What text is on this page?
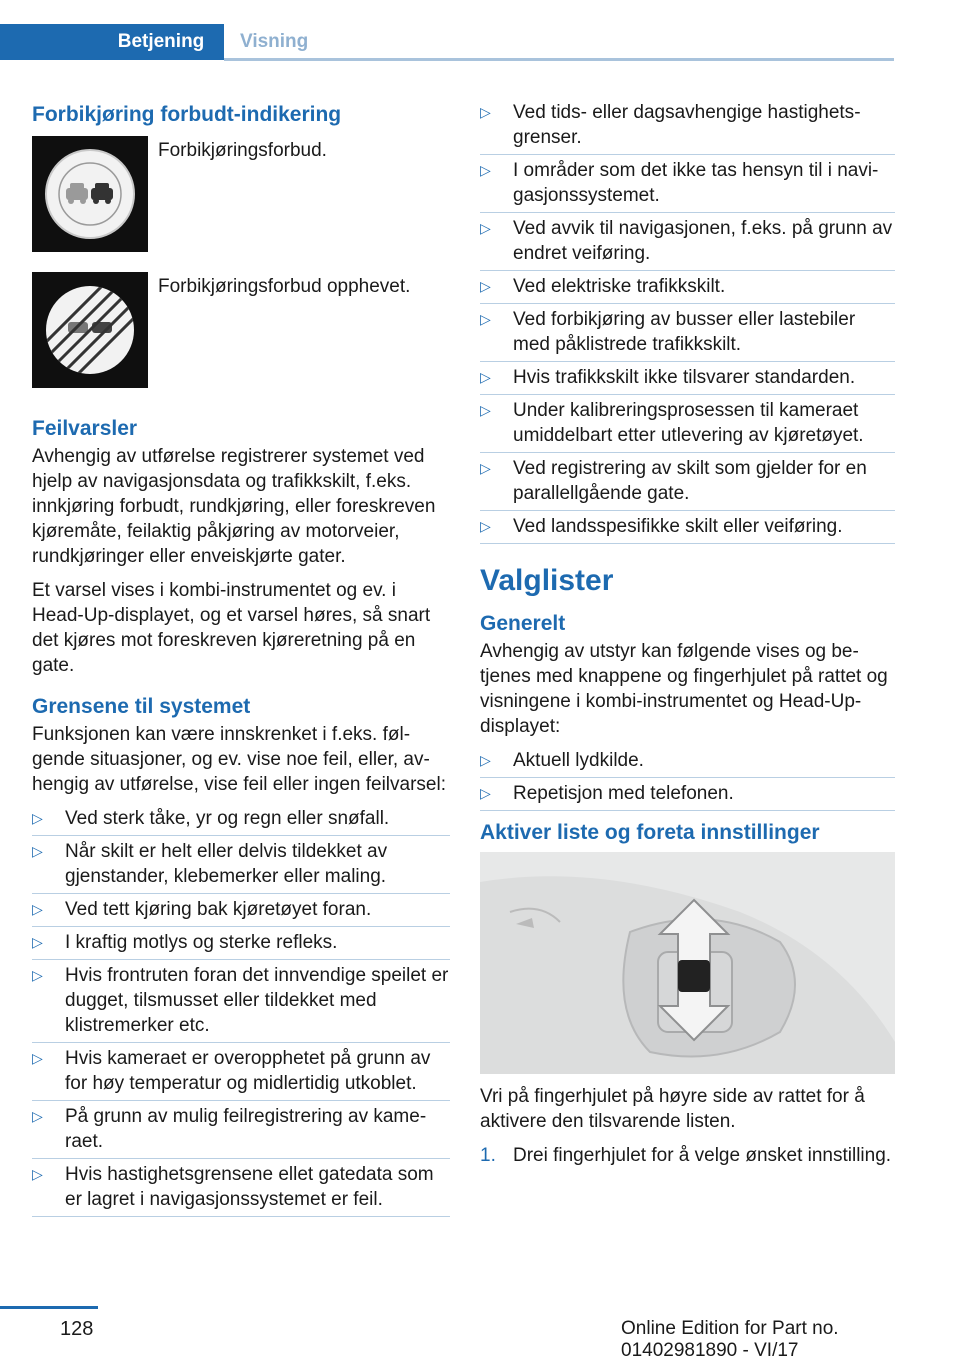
Betjening	Visning
Forbikjøring forbudt-indikering
Forbikjøringsforbud.
Forbikjøringsforbud opphevet.
Feilvarsler

Avhengig av utførelse registrerer systemet ved hjelp av navigasjonsdata og trafikkskilt, f.eks. innkjøring forbudt, rundkjøring, eller foreskreven kjøremåte, feilaktig påkjøring av motorveier, rundkjøringer eller enveiskjørte gater.

Et varsel vises i kombi-instrumentet og ev. i Head-Up-displayet, og et varsel høres, så snart det kjøres mot foreskreven kjøreretning på en gate.

Grensene til systemet

Funksjonen kan være innskrenket i f.eks. følgende situasjoner, og ev. vise noe feil, eller, avhengig av utførelse, vise feil eller ingen feilvarsel:

▷ Ved sterk tåke, yr og regn eller snøfall.
▷ Når skilt er helt eller delvis tildekket av gjenstander, klebemerker eller maling.
▷ Ved tett kjøring bak kjøretøyet foran.
▷ I kraftig motlys og sterke refleks.
▷ Hvis frontruten foran det innvendige speilet er dugget, tilsmusset eller tildekket med klistremerker etc.
▷ Hvis kameraet er overopphetet på grunn av for høy temperatur og midlertidig utkoblet.
▷ På grunn av mulig feilregistrering av kameraet.
▷ Hvis hastighetsgrensene ellet gatedata som er lagret i navigasjonssystemet er feil.
▷ Ved tids- eller dagsavhengige hastighetsgrenser.
▷ I områder som det ikke tas hensyn til i navigasjonssystemet.
▷ Ved avvik til navigasjonen, f.eks. på grunn av endret veiføring.
▷ Ved elektriske trafikkskilt.
▷ Ved forbikjøring av busser eller lastebiler med påklistrede trafikkskilt.
▷ Hvis trafikkskilt ikke tilsvarer standarden.
▷ Under kalibreringsprosessen til kameraet umiddelbart etter utlevering av kjøretøyet.
▷ Ved registrering av skilt som gjelder for en parallellgående gate.
▷ Ved landsspesifikke skilt eller veiføring.
Valglister
Generelt

Avhengig av utstyr kan følgende vises og betjenes med knappene og fingerhjulet på rattet og visningene i kombi-instrumentet og Head-Up-displayet:

▷ Aktuell lydkilde.
▷ Repetisjon med telefonen.
Aktiver liste og foreta innstillinger

Vri på fingerhjulet på høyre side av rattet for å aktivere den tilsvarende listen.

1. Drei fingerhjulet for å velge ønsket innstilling.
128	Online Edition for Part no. 01402981890 - VI/17
